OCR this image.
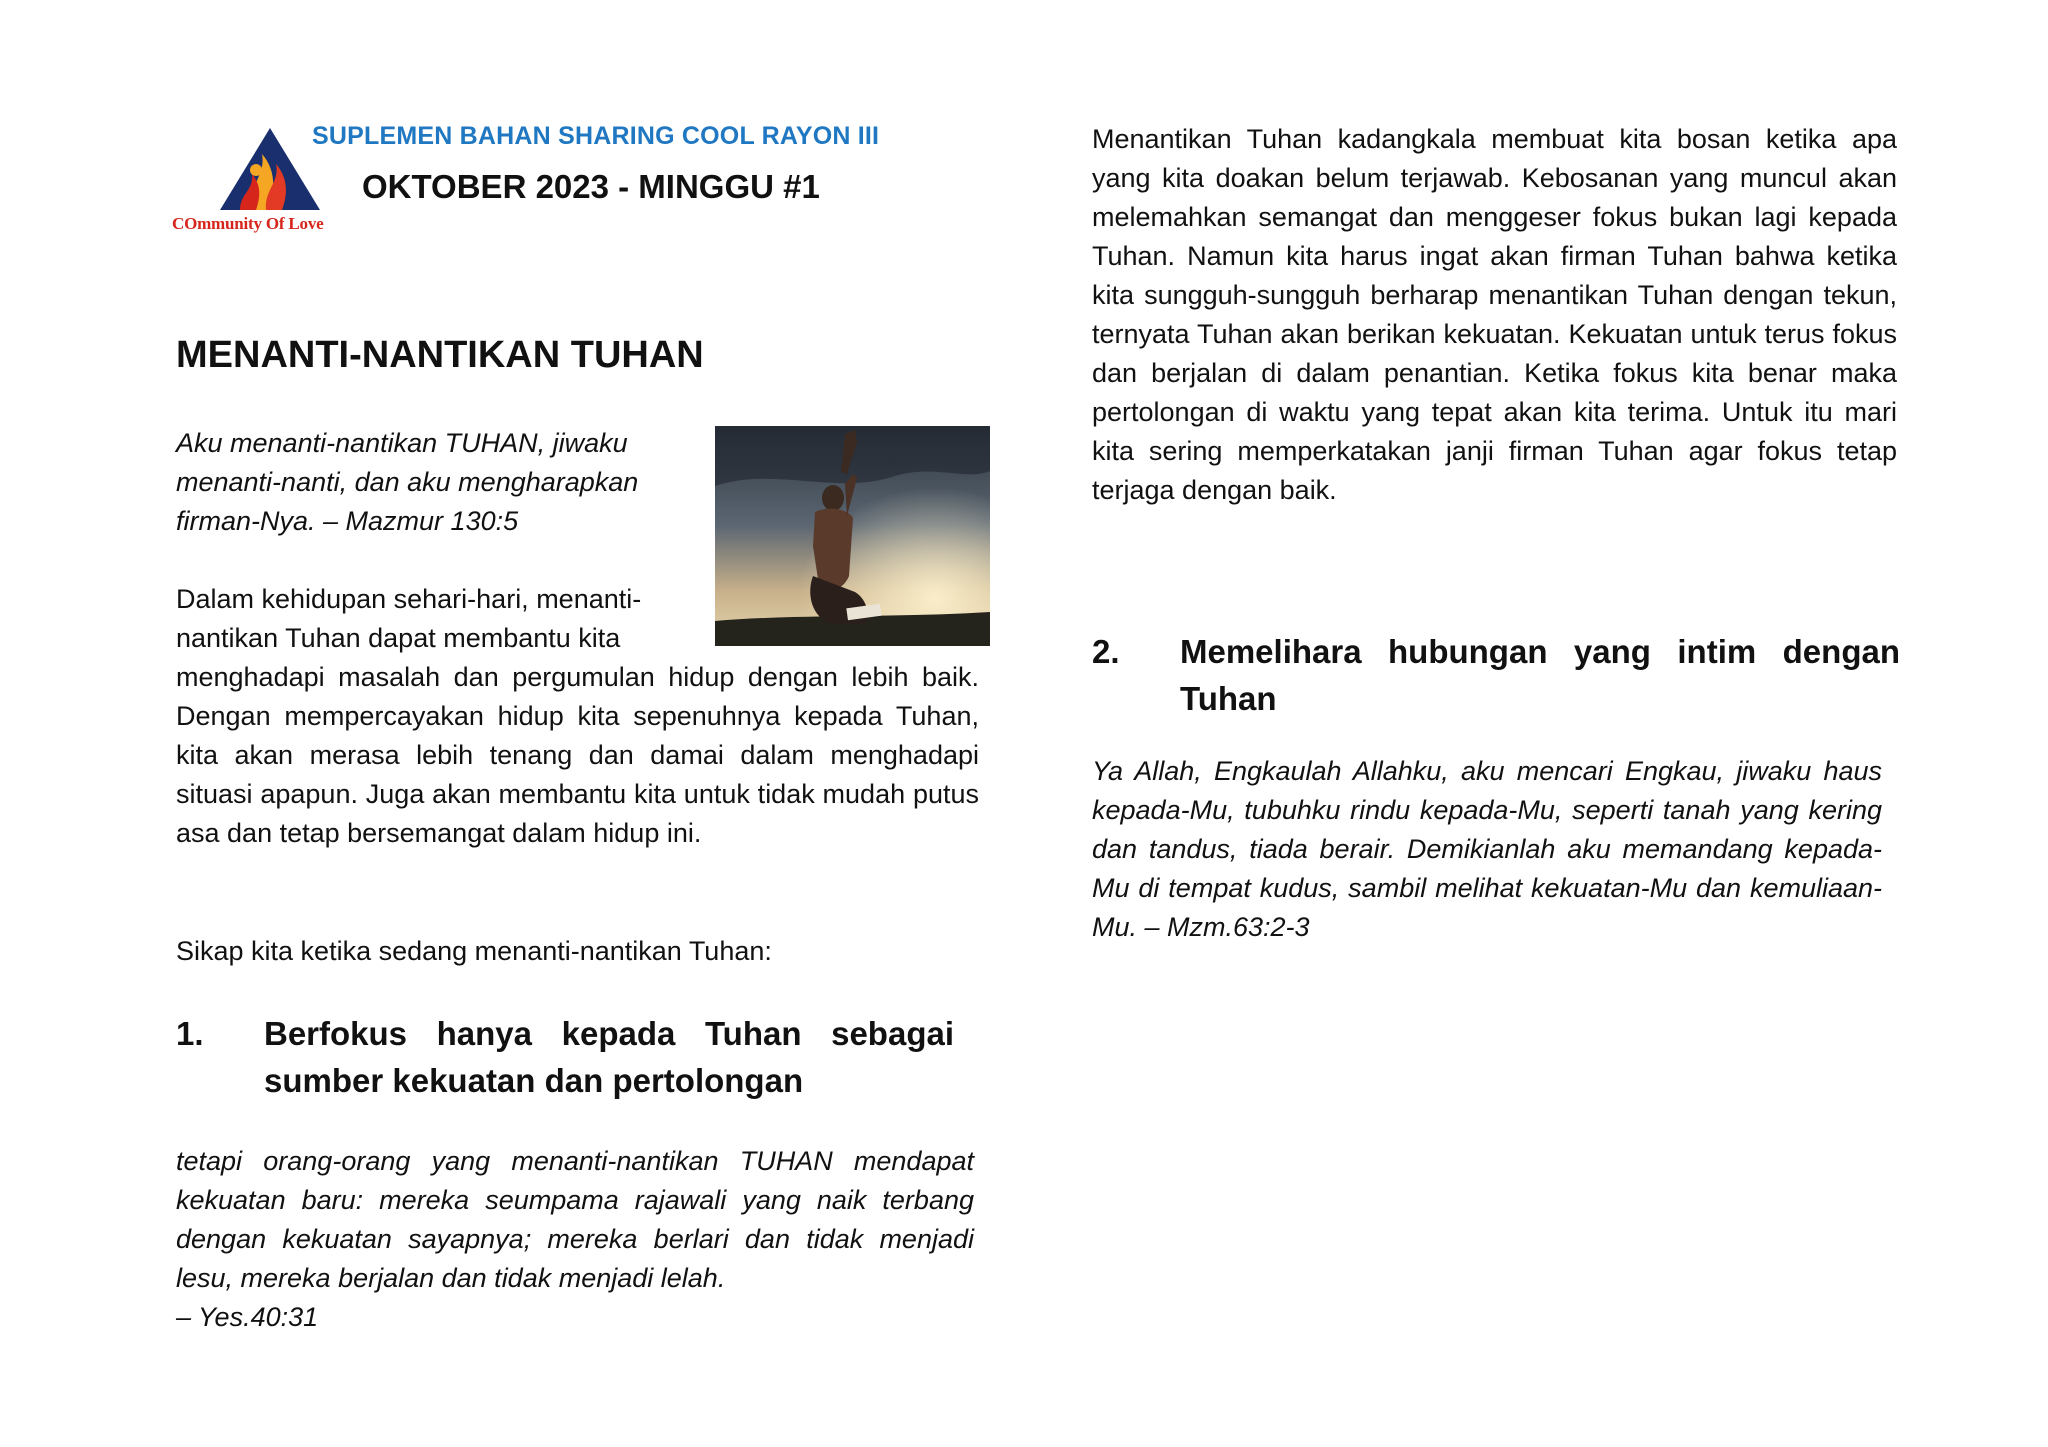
COmmunity Of Love
SUPLEMEN BAHAN SHARING COOL RAYON III
OKTOBER 2023 - MINGGU #1
MENANTI-NANTIKAN TUHAN

Aku menanti-nantikan TUHAN, jiwaku

menanti-nanti, dan aku mengharapkan

firman-Nya. – Mazmur 130:5

Dalam kehidupan sehari-hari, menanti-

nantikan Tuhan dapat membantu kita

menghadapi masalah dan pergumulan hidup dengan lebih baik. Dengan mempercayakan hidup kita sepenuhnya kepada Tuhan, kita akan merasa lebih tenang dan damai dalam menghadapi situasi apapun. Juga akan membantu kita untuk tidak mudah putus asa dan tetap bersemangat dalam hidup ini.

Sikap kita ketika sedang menanti-nantikan Tuhan:

1. Berfokus hanya kepada Tuhan sebagai sumber kekuatan dan pertolongan

tetapi orang-orang yang menanti-nantikan TUHAN mendapat kekuatan baru: mereka seumpama rajawali yang naik terbang dengan kekuatan sayapnya; mereka berlari dan tidak menjadi lesu, mereka berjalan dan tidak menjadi lelah.

– Yes.40:31

Menantikan Tuhan kadangkala membuat kita bosan ketika apa yang kita doakan belum terjawab. Kebosanan yang muncul akan melemahkan semangat dan menggeser fokus bukan lagi kepada Tuhan. Namun kita harus ingat akan firman Tuhan bahwa ketika kita sungguh-sungguh berharap menantikan Tuhan dengan tekun, ternyata Tuhan akan berikan kekuatan. Kekuatan untuk terus fokus dan berjalan di dalam penantian. Ketika fokus kita benar maka pertolongan di waktu yang tepat akan kita terima. Untuk itu mari kita sering memperkatakan janji firman Tuhan agar fokus tetap terjaga dengan baik.

2. Memelihara hubungan yang intim dengan Tuhan

Ya Allah, Engkaulah Allahku, aku mencari Engkau, jiwaku haus kepada-Mu, tubuhku rindu kepada-Mu, seperti tanah yang kering dan tandus, tiada berair. Demikianlah aku memandang kepada-Mu di tempat kudus, sambil melihat kekuatan-Mu dan kemuliaan-Mu. – Mzm.63:2-3
